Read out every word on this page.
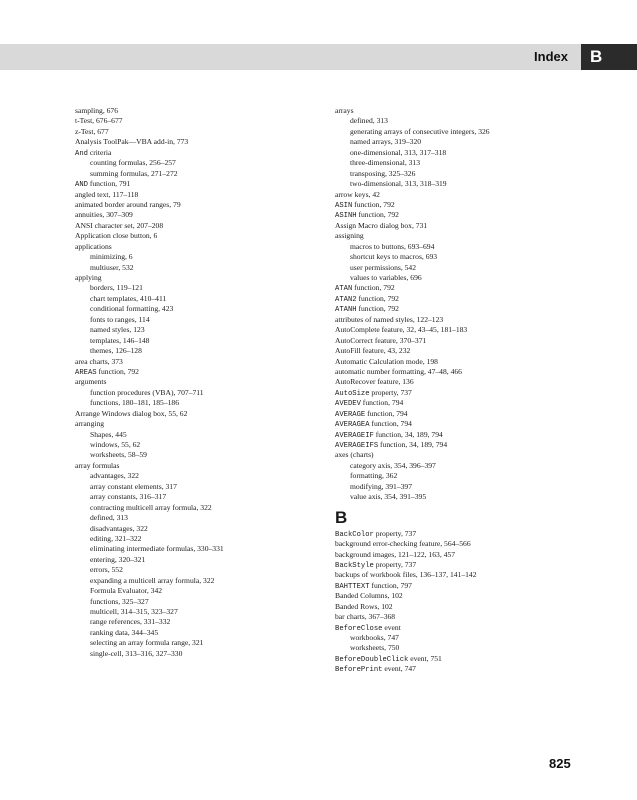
Index	B
sampling, 676
t-Test, 676–677
z-Test, 677
Analysis ToolPak—VBA add-in, 773
And criteria
counting formulas, 256–257
summing formulas, 271–272
AND function, 791
angled text, 117–118
animated border around ranges, 79
annuities, 307–309
ANSI character set, 207–208
Application close button, 6
applications
minimizing, 6
multiuser, 532
applying
borders, 119–121
chart templates, 410–411
conditional formatting, 423
fonts to ranges, 114
named styles, 123
templates, 146–148
themes, 126–128
area charts, 373
AREAS function, 792
arguments
function procedures (VBA), 707–711
functions, 180–181, 185–186
Arrange Windows dialog box, 55, 62
arranging
Shapes, 445
windows, 55, 62
worksheets, 58–59
array formulas
advantages, 322
array constant elements, 317
array constants, 316–317
contracting multicell array formula, 322
defined, 313
disadvantages, 322
editing, 321–322
eliminating intermediate formulas, 330–331
entering, 320–321
errors, 552
expanding a multicell array formula, 322
Formula Evaluator, 342
functions, 325–327
multicell, 314–315, 323–327
range references, 331–332
ranking data, 344–345
selecting an array formula range, 321
single-cell, 313–316, 327–330
arrays
defined, 313
generating arrays of consecutive integers, 326
named arrays, 319–320
one-dimensional, 313, 317–318
three-dimensional, 313
transposing, 325–326
two-dimensional, 313, 318–319
arrow keys, 42
ASIN function, 792
ASINH function, 792
Assign Macro dialog box, 731
assigning
macros to buttons, 693–694
shortcut keys to macros, 693
user permissions, 542
values to variables, 696
ATAN function, 792
ATAN2 function, 792
ATANH function, 792
attributes of named styles, 122–123
AutoComplete feature, 32, 43–45, 181–183
AutoCorrect feature, 370–371
AutoFill feature, 43, 232
Automatic Calculation mode, 198
automatic number formatting, 47–48, 466
AutoRecover feature, 136
AutoSize property, 737
AVEDEV function, 794
AVERAGE function, 794
AVERAGEA function, 794
AVERAGEIF function, 34, 189, 794
AVERAGEIFS function, 34, 189, 794
axes (charts)
category axis, 354, 396–397
formatting, 362
modifying, 391–397
value axis, 354, 391–395
B
BackColor property, 737
background error-checking feature, 564–566
background images, 121–122, 163, 457
BackStyle property, 737
backups of workbook files, 136–137, 141–142
BAHTTEXT function, 797
Banded Columns, 102
Banded Rows, 102
bar charts, 367–368
BeforeClose event
workbooks, 747
worksheets, 750
BeforeDoubleClick event, 751
BeforePrint event, 747
825
